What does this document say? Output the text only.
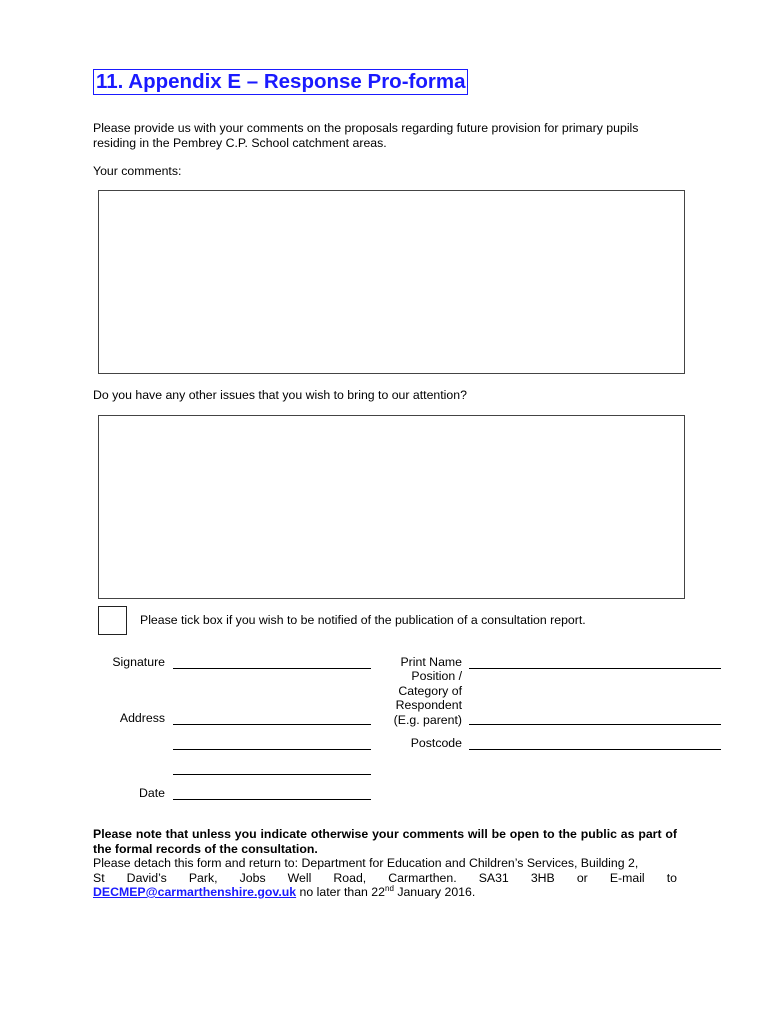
11. Appendix E – Response Pro-forma
Please provide us with your comments on the proposals regarding future provision for primary pupils
residing in the Pembrey C.P. School catchment areas.
Your comments:
Do you have any other issues that you wish to bring to our attention?
Please tick box if you wish to be notified of the publication of a consultation report.
Signature
Address
Date
Print Name
Position /
Category of
Respondent
(E.g. parent)
Postcode
Please note that unless you indicate otherwise your comments will be open to the public as part of the formal records of the consultation.
Please detach this form and return to: Department for Education and Children’s Services, Building 2,
St David’s Park, Jobs Well Road, Carmarthen. SA31 3HB or E-mail to
DECMEP@carmarthenshire.gov.uk no later than 22nd January 2016.
